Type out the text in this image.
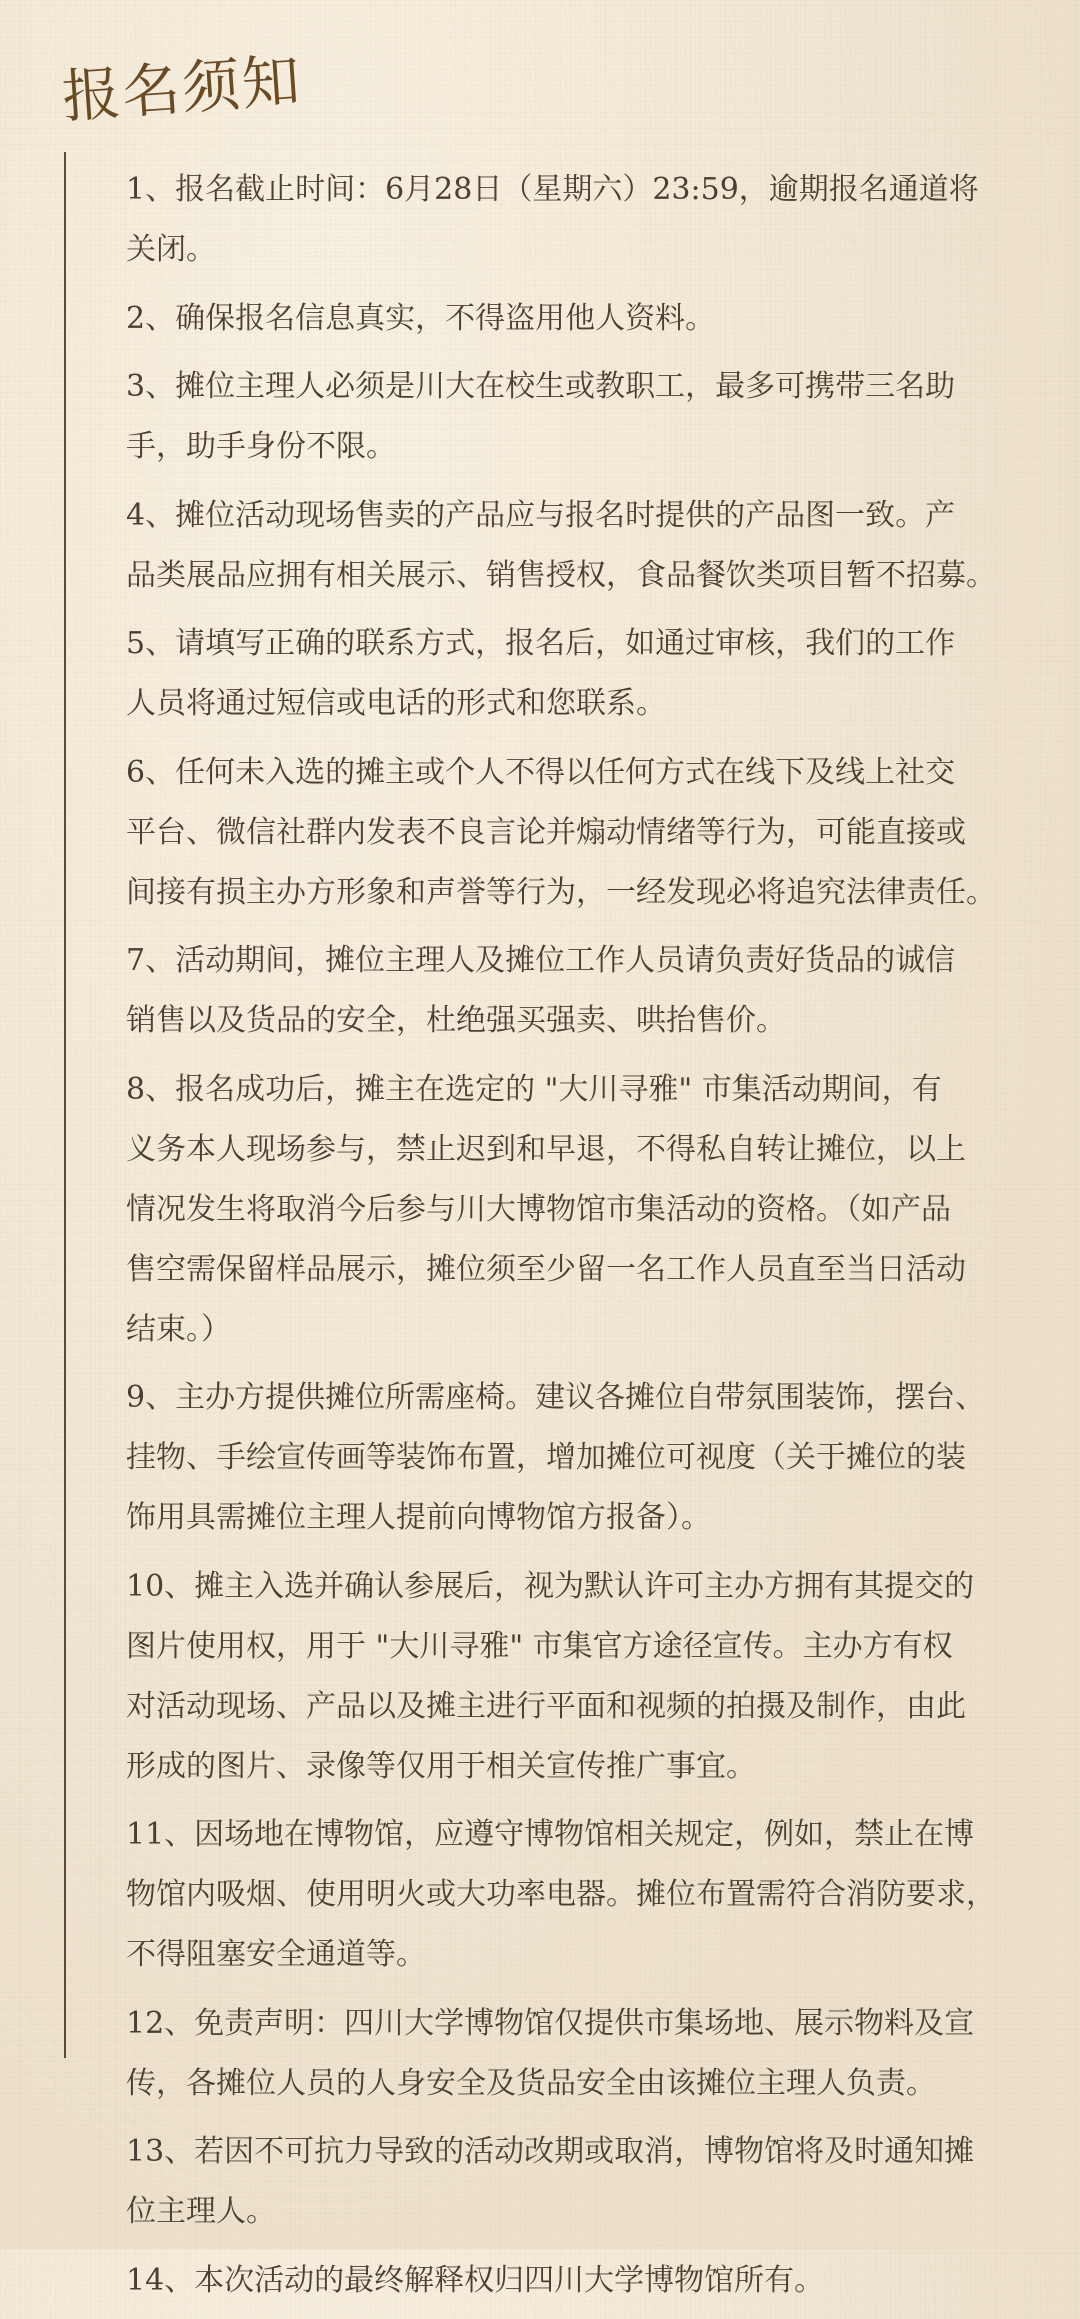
报名须知
1、报名截止时间：6月28日（星期六）23:59，逾期报名通道将
关闭。
2、确保报名信息真实，不得盗用他人资料。
3、摊位主理人必须是川大在校生或教职工，最多可携带三名助
手，助手身份不限。
4、摊位活动现场售卖的产品应与报名时提供的产品图一致。产
品类展品应拥有相关展示、销售授权，食品餐饮类项目暂不招募。
5、请填写正确的联系方式，报名后，如通过审核，我们的工作
人员将通过短信或电话的形式和您联系。
6、任何未入选的摊主或个人不得以任何方式在线下及线上社交
平台、微信社群内发表不良言论并煽动情绪等行为，可能直接或
间接有损主办方形象和声誉等行为，一经发现必将追究法律责任。
7、活动期间，摊位主理人及摊位工作人员请负责好货品的诚信
销售以及货品的安全，杜绝强买强卖、哄抬售价。
8、报名成功后，摊主在选定的 "大川寻雅" 市集活动期间，有
义务本人现场参与，禁止迟到和早退，不得私自转让摊位，以上
情况发生将取消今后参与川大博物馆市集活动的资格。（如产品
售空需保留样品展示，摊位须至少留一名工作人员直至当日活动
结束。）
9、主办方提供摊位所需座椅。建议各摊位自带氛围装饰，摆台、
挂物、手绘宣传画等装饰布置，增加摊位可视度（关于摊位的装
饰用具需摊位主理人提前向博物馆方报备）。
10、摊主入选并确认参展后，视为默认许可主办方拥有其提交的
图片使用权，用于 "大川寻雅" 市集官方途径宣传。主办方有权
对活动现场、产品以及摊主进行平面和视频的拍摄及制作，由此
形成的图片、录像等仅用于相关宣传推广事宜。
11、因场地在博物馆，应遵守博物馆相关规定，例如，禁止在博
物馆内吸烟、使用明火或大功率电器。摊位布置需符合消防要求，
不得阻塞安全通道等。
12、免责声明：四川大学博物馆仅提供市集场地、展示物料及宣
传，各摊位人员的人身安全及货品安全由该摊位主理人负责。
13、若因不可抗力导致的活动改期或取消，博物馆将及时通知摊
位主理人。
14、本次活动的最终解释权归四川大学博物馆所有。
